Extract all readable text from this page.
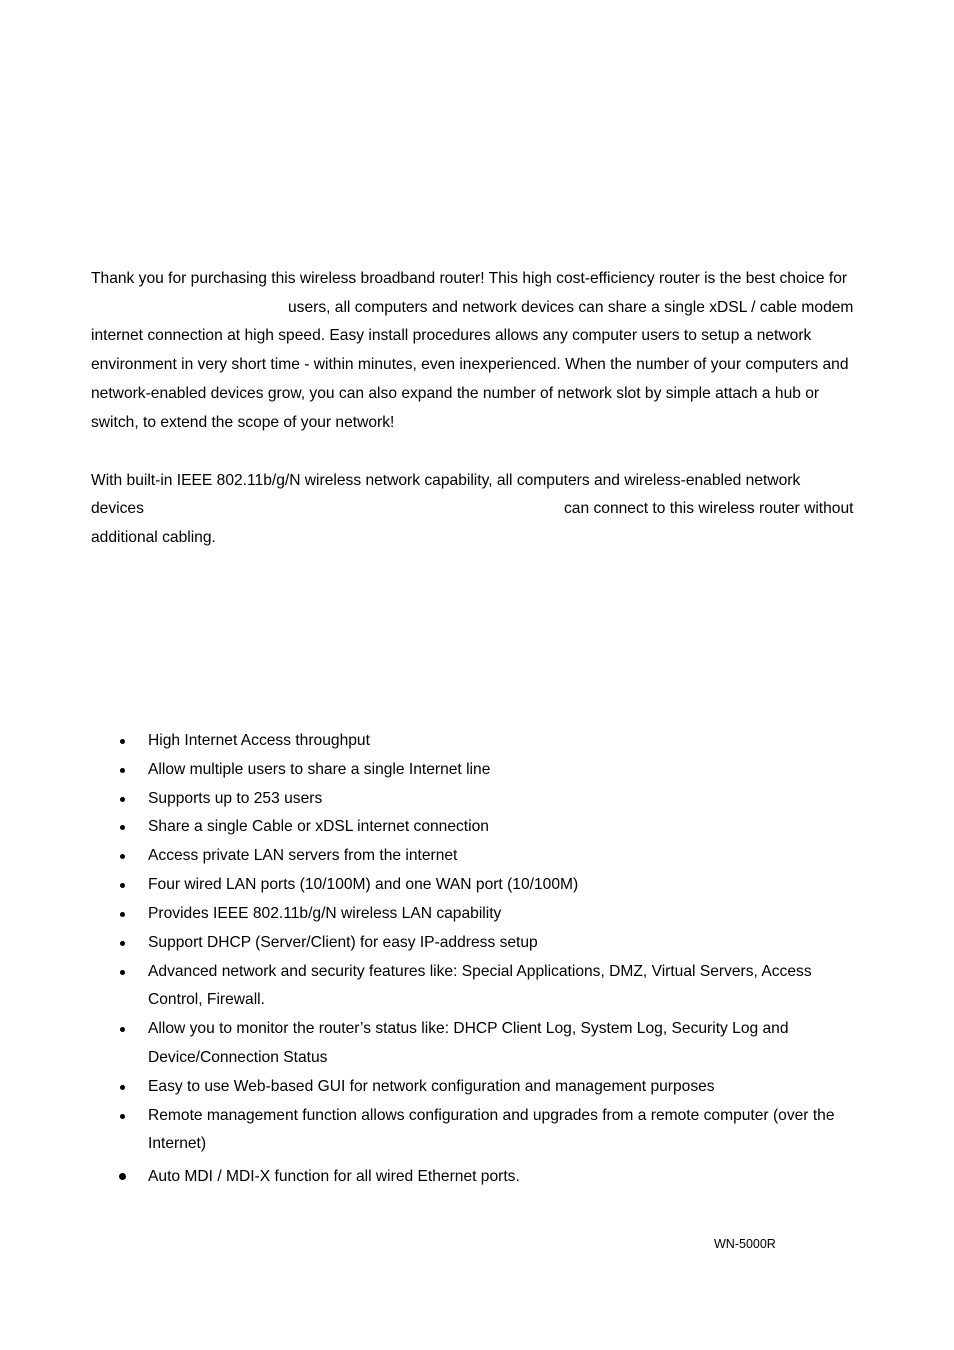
Thank you for purchasing this wireless broadband router! This high cost-efficiency router is the best choice for
users, all computers and network devices can share a single xDSL / cable modem
internet connection at high speed. Easy install procedures allows any computer users to setup a network
environment in very short time - within minutes, even inexperienced. When the number of your computers and
network-enabled devices grow, you can also expand the number of network slot by simple attach a hub or
switch, to extend the scope of your network!
With built-in IEEE 802.11b/g/N wireless network capability, all computers and wireless-enabled network
devices	can connect to this wireless router without
additional cabling.
High Internet Access throughput
Allow multiple users to share a single Internet line
Supports up to 253 users
Share a single Cable or xDSL internet connection
Access private LAN servers from the internet
Four wired LAN ports (10/100M) and one WAN port (10/100M)
Provides IEEE 802.11b/g/N wireless LAN capability
Support DHCP (Server/Client) for easy IP-address setup
Advanced network and security features like: Special Applications, DMZ, Virtual Servers, Access
Control, Firewall.
Allow you to monitor the router’s status like: DHCP Client Log, System Log, Security Log and
Device/Connection Status
Easy to use Web-based GUI for network configuration and management purposes
Remote management function allows configuration and upgrades from a remote computer (over the
Internet)
Auto MDI / MDI-X function for all wired Ethernet ports.
WN-5000R
